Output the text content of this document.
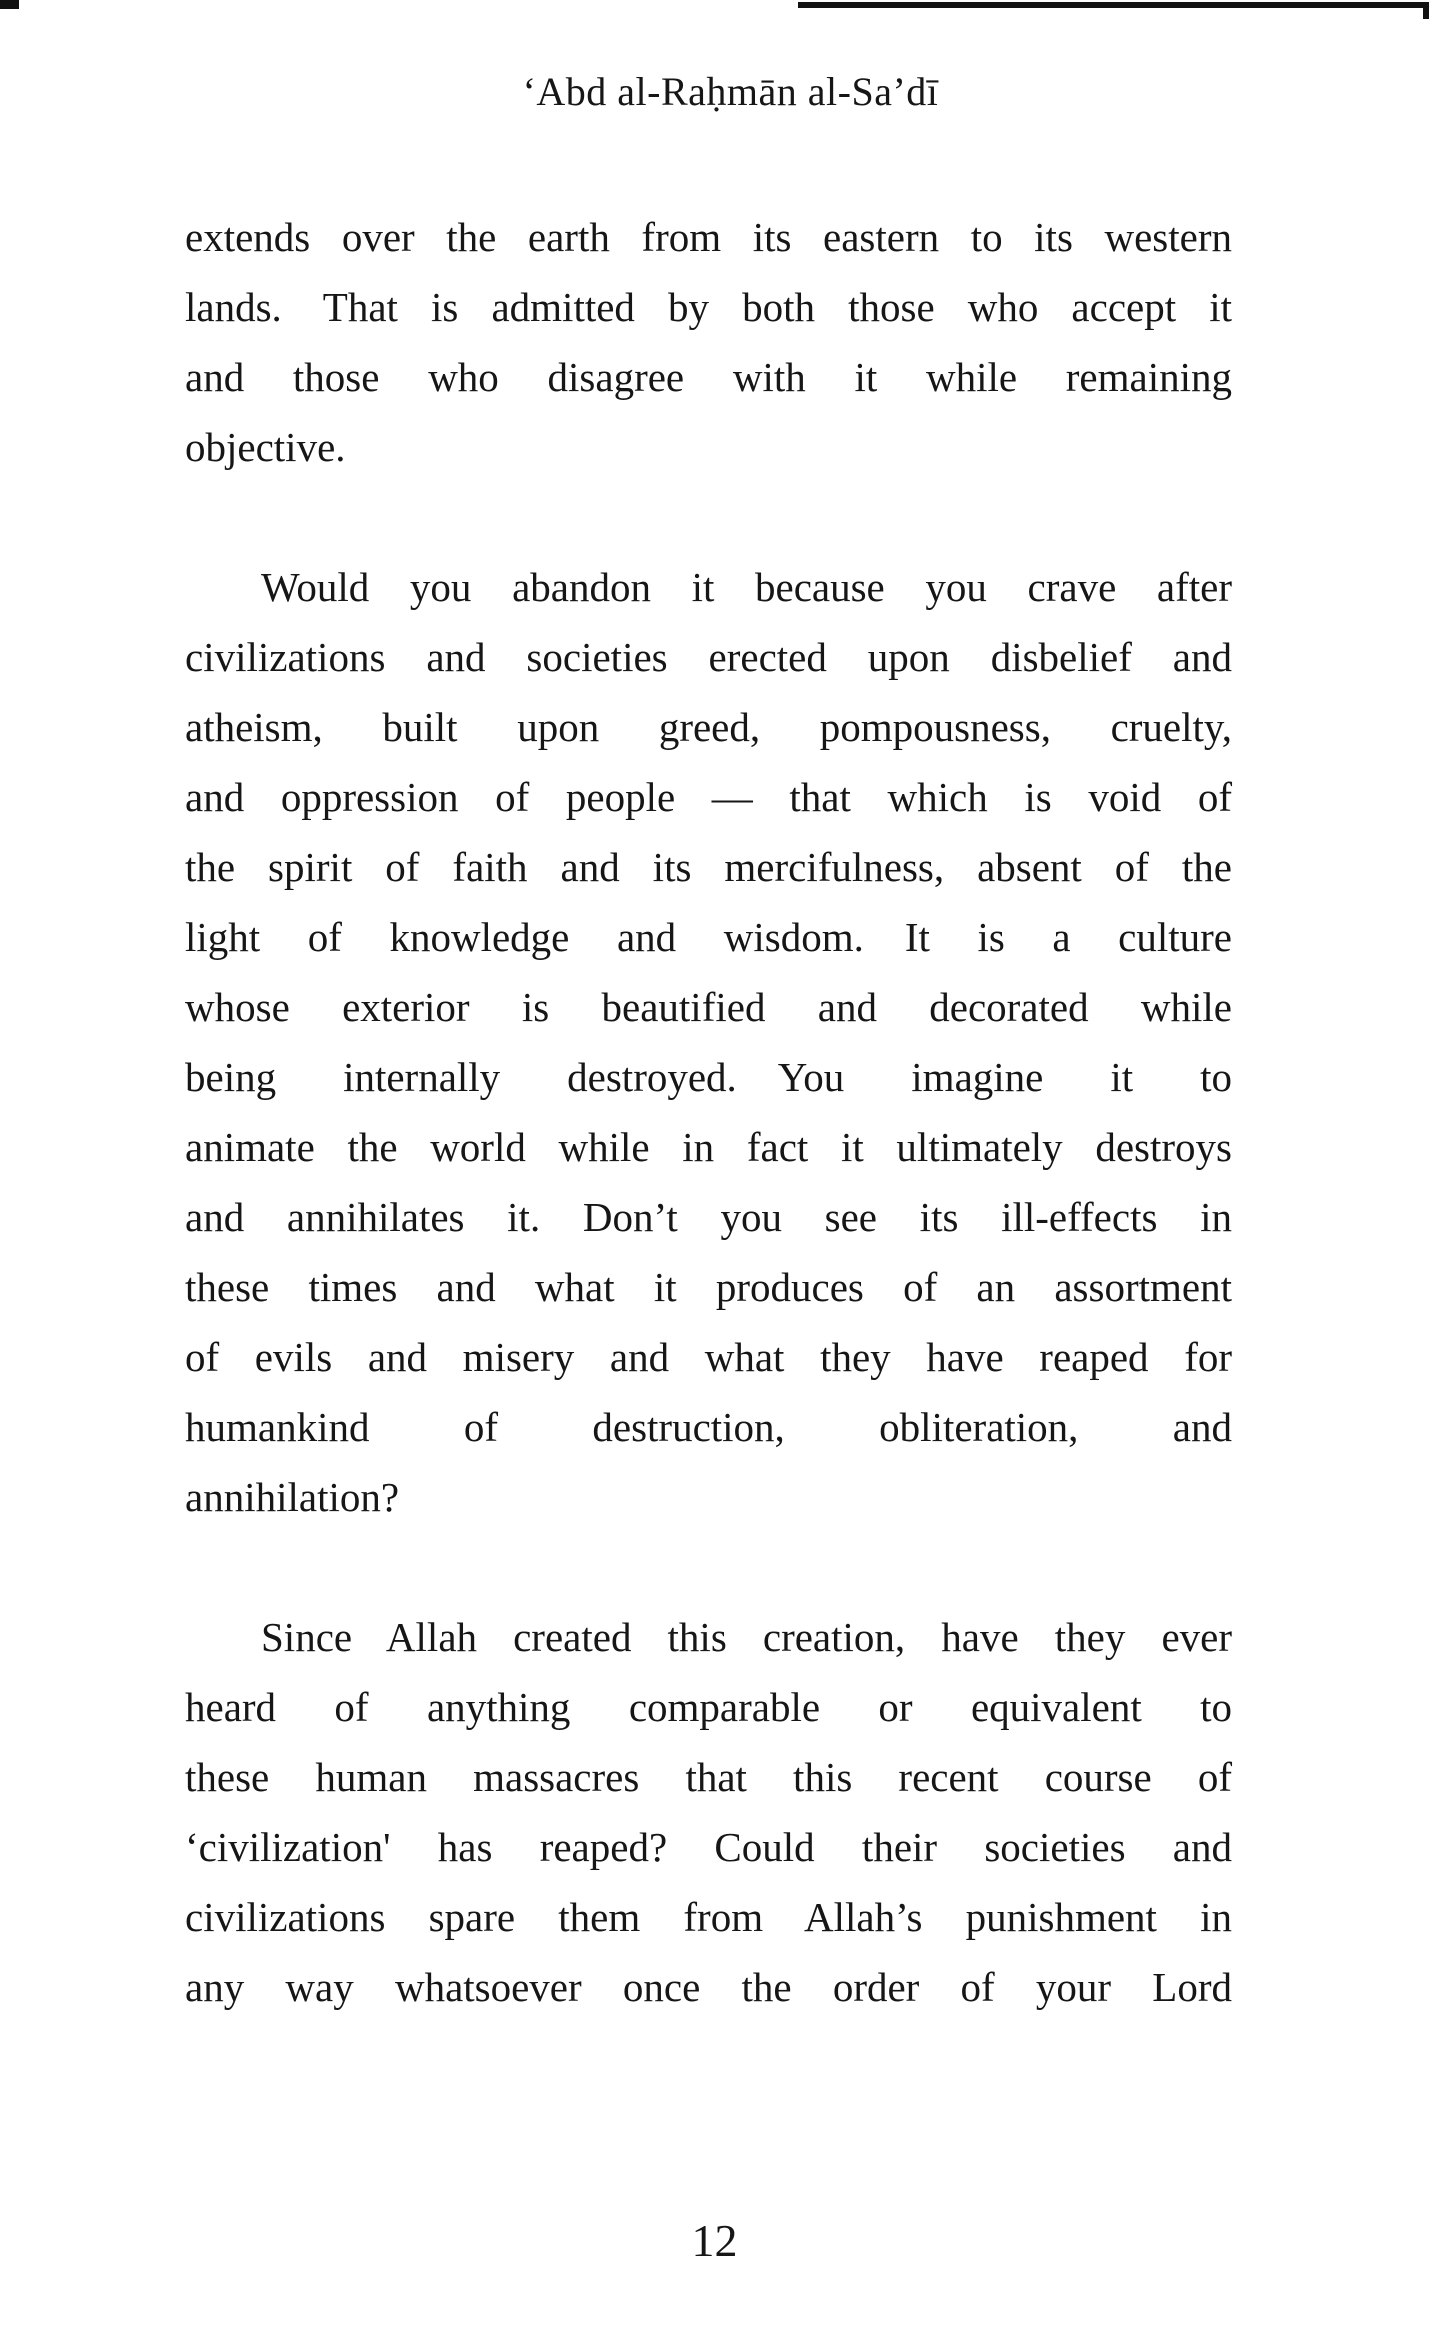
‘Abd al-Raḥmān al-Sa’dī
extends over the earth from its eastern to its western
lands. That is admitted by both those who accept it
and those who disagree with it while remaining
objective.
Would you abandon it because you crave after
civilizations and societies erected upon disbelief and
atheism, built upon greed, pompousness, cruelty,
and oppression of people — that which is void of
the spirit of faith and its mercifulness, absent of the
light of knowledge and wisdom. It is a culture
whose exterior is beautified and decorated while
being internally destroyed. You imagine it to
animate the world while in fact it ultimately destroys
and annihilates it. Don’t you see its ill-effects in
these times and what it produces of an assortment
of evils and misery and what they have reaped for
humankind of destruction, obliteration, and
annihilation?
Since Allah created this creation, have they ever
heard of anything comparable or equivalent to
these human massacres that this recent course of
‘civilization' has reaped? Could their societies and
civilizations spare them from Allah’s punishment in
any way whatsoever once the order of your Lord
12
